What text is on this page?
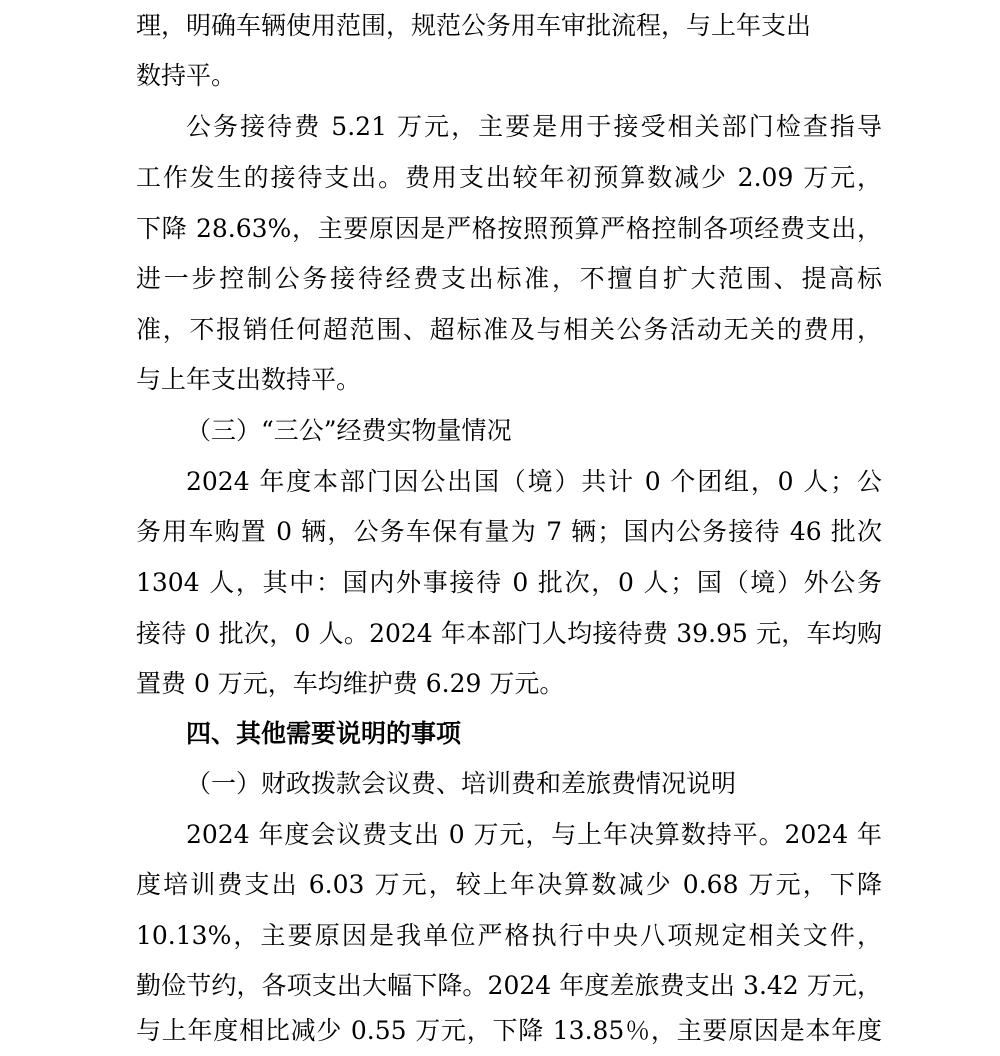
理，明确车辆使用范围，规范公务用车审批流程，与上年支出
数持平。
公务接待费 5.21 万元，主要是用于接受相关部门检查指导
工作发生的接待支出。费用支出较年初预算数减少 2.09 万元，
下降 28.63%，主要原因是严格按照预算严格控制各项经费支出，
进一步控制公务接待经费支出标准，不擅自扩大范围、提高标
准，不报销任何超范围、超标准及与相关公务活动无关的费用，
与上年支出数持平。
（三）“三公”经费实物量情况
2024 年度本部门因公出国（境）共计 0 个团组，0 人；公
务用车购置 0 辆，公务车保有量为 7 辆；国内公务接待 46 批次
1304 人，其中：国内外事接待 0 批次，0 人；国（境）外公务
接待 0 批次，0 人。2024 年本部门人均接待费 39.95 元，车均购
置费 0 万元，车均维护费 6.29 万元。
四、其他需要说明的事项
（一）财政拨款会议费、培训费和差旅费情况说明
2024 年度会议费支出 0 万元，与上年决算数持平。2024 年
度培训费支出 6.03 万元，较上年决算数减少 0.68 万元，下降
10.13%，主要原因是我单位严格执行中央八项规定相关文件，
勤俭节约，各项支出大幅下降。2024 年度差旅费支出 3.42 万元，
与上年度相比减少 0.55 万元，下降 13.85％，主要原因是本年度
